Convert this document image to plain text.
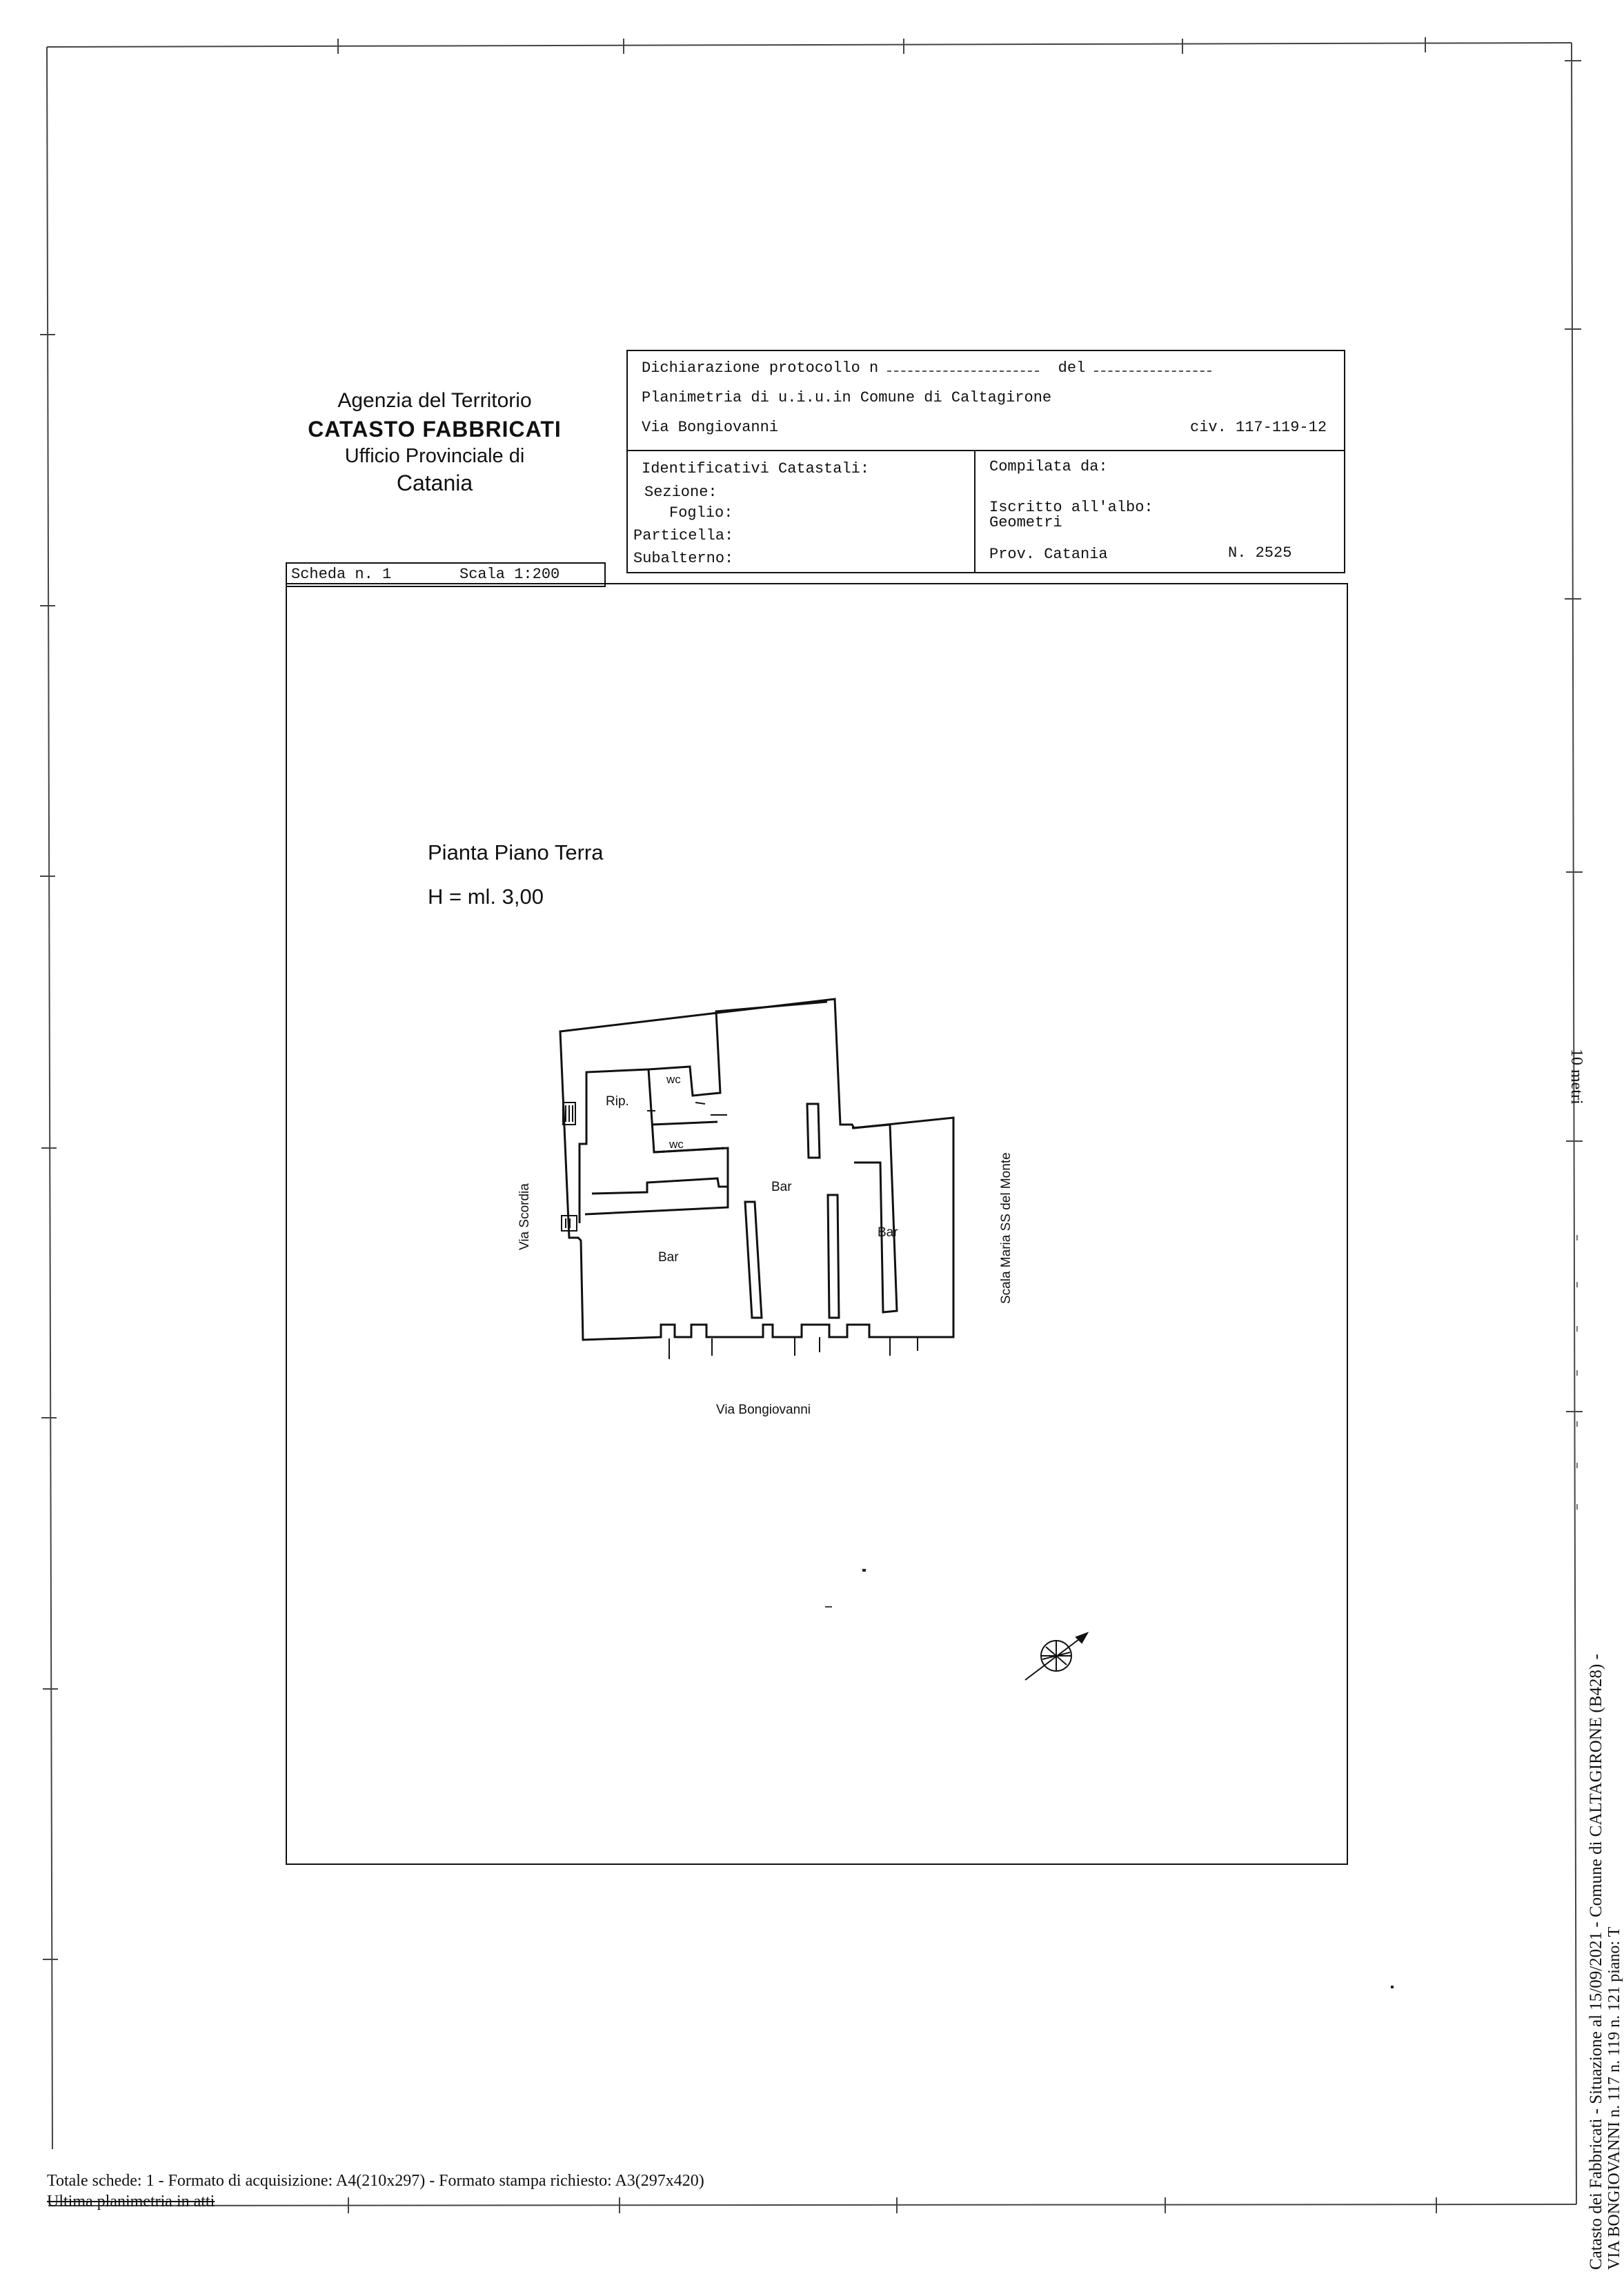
Agenzia del Territorio
CATASTO FABBRICATI
Ufficio Provinciale di
Catania
Dichiarazione protocollo n	del
Planimetria di u.i.u.in Comune di Caltagirone
Via Bongiovanni	civ. 117-119-12
Identificativi Catastali:
Sezione:
Foglio:
Particella:
Subalterno:
Compilata da:
Iscritto all'albo:
Geometri
Prov. Catania	N. 2525
Scheda n. 1	Scala 1:200
Pianta Piano Terra
H = ml. 3,00
Rip.
wc
wc
Bar
Bar
Bar
Via Scordia	Scala Maria SS del Monte
Via Bongiovanni
Totale schede: 1 - Formato di acquisizione: A4(210x297) - Formato stampa richiesto: A3(297x420)
Ultima planimetria in atti	Catasto dei Fabbricati - Situazione al 15/09/2021 - Comune di CALTAGIRONE (B428) - VIA BONGIOVANNI n. 117 n. 119 n. 121 piano: T
10 metri
